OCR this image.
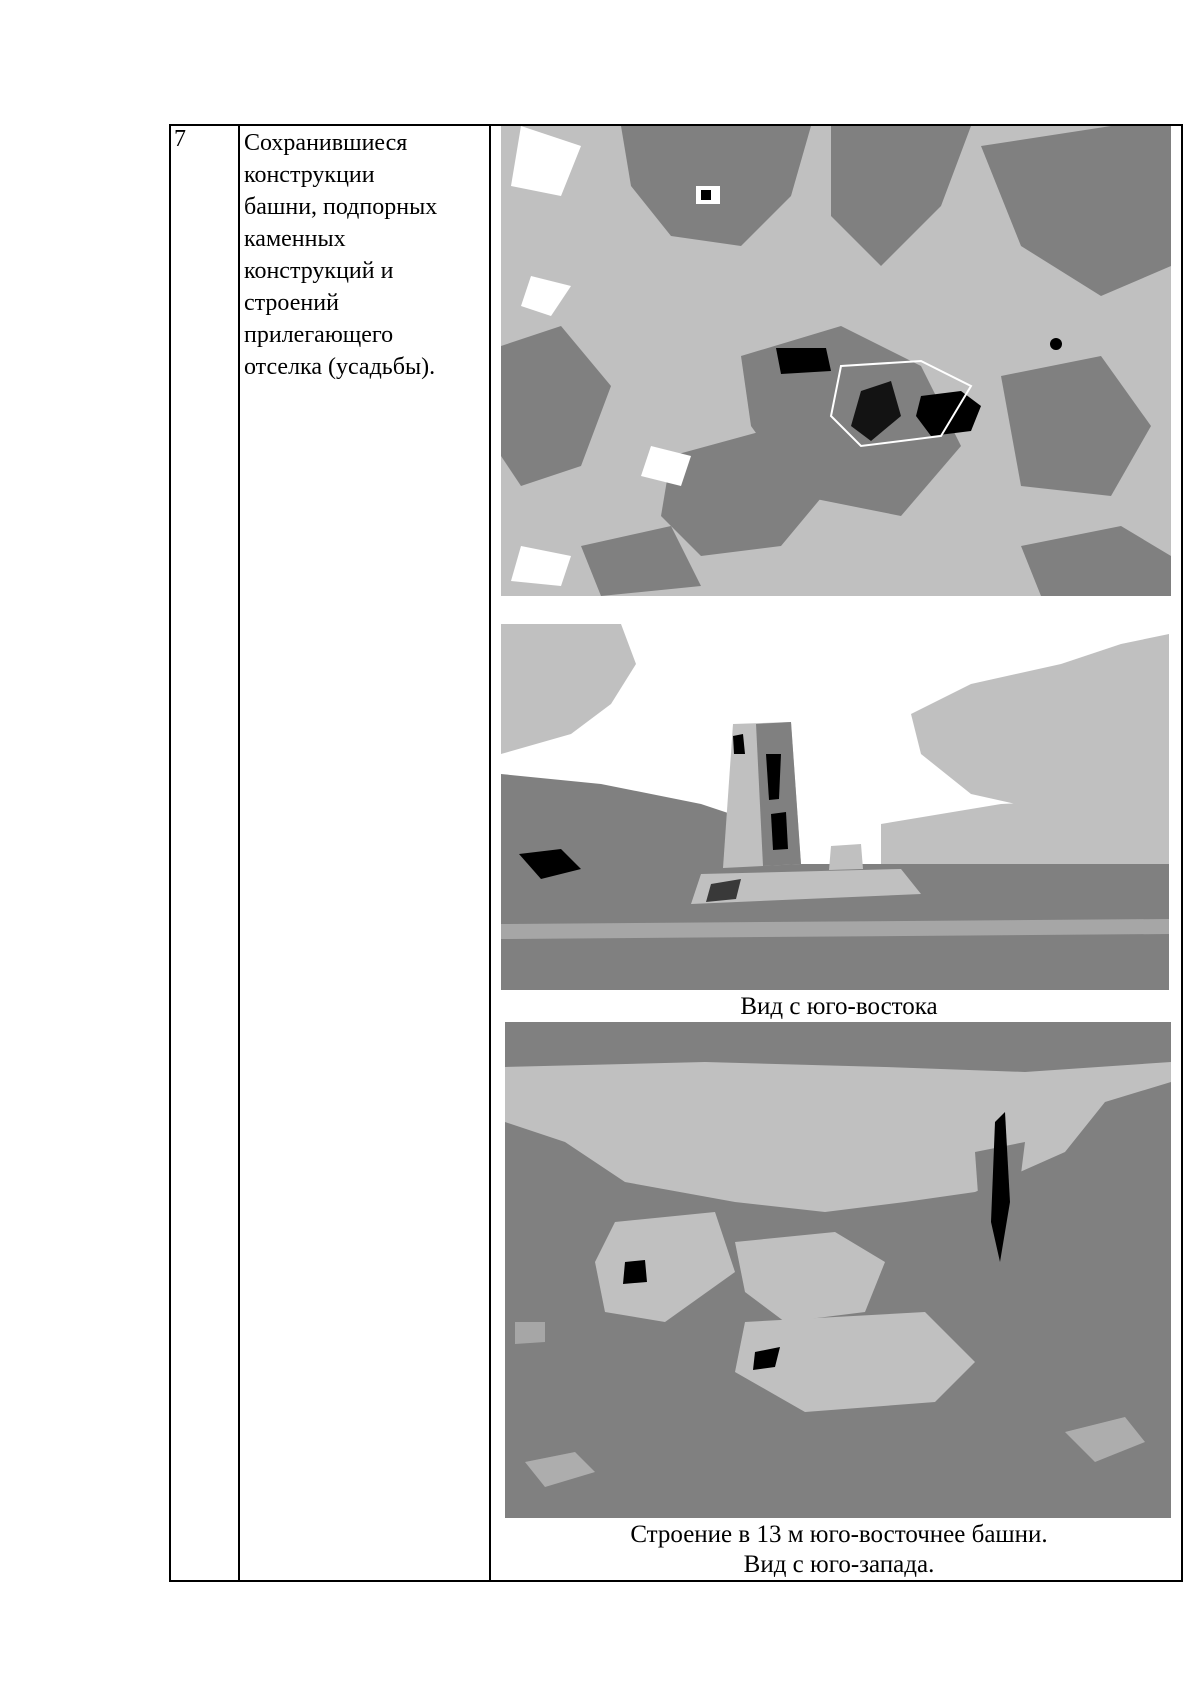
7	Сохранившиеся
конструкции
башни, подпорных
каменных
конструкций и
строений
прилегающего
отселка (усадьбы).
Вид с юго-востока
Строение в 13 м юго-восточнее башни.
Вид с юго-запада.
